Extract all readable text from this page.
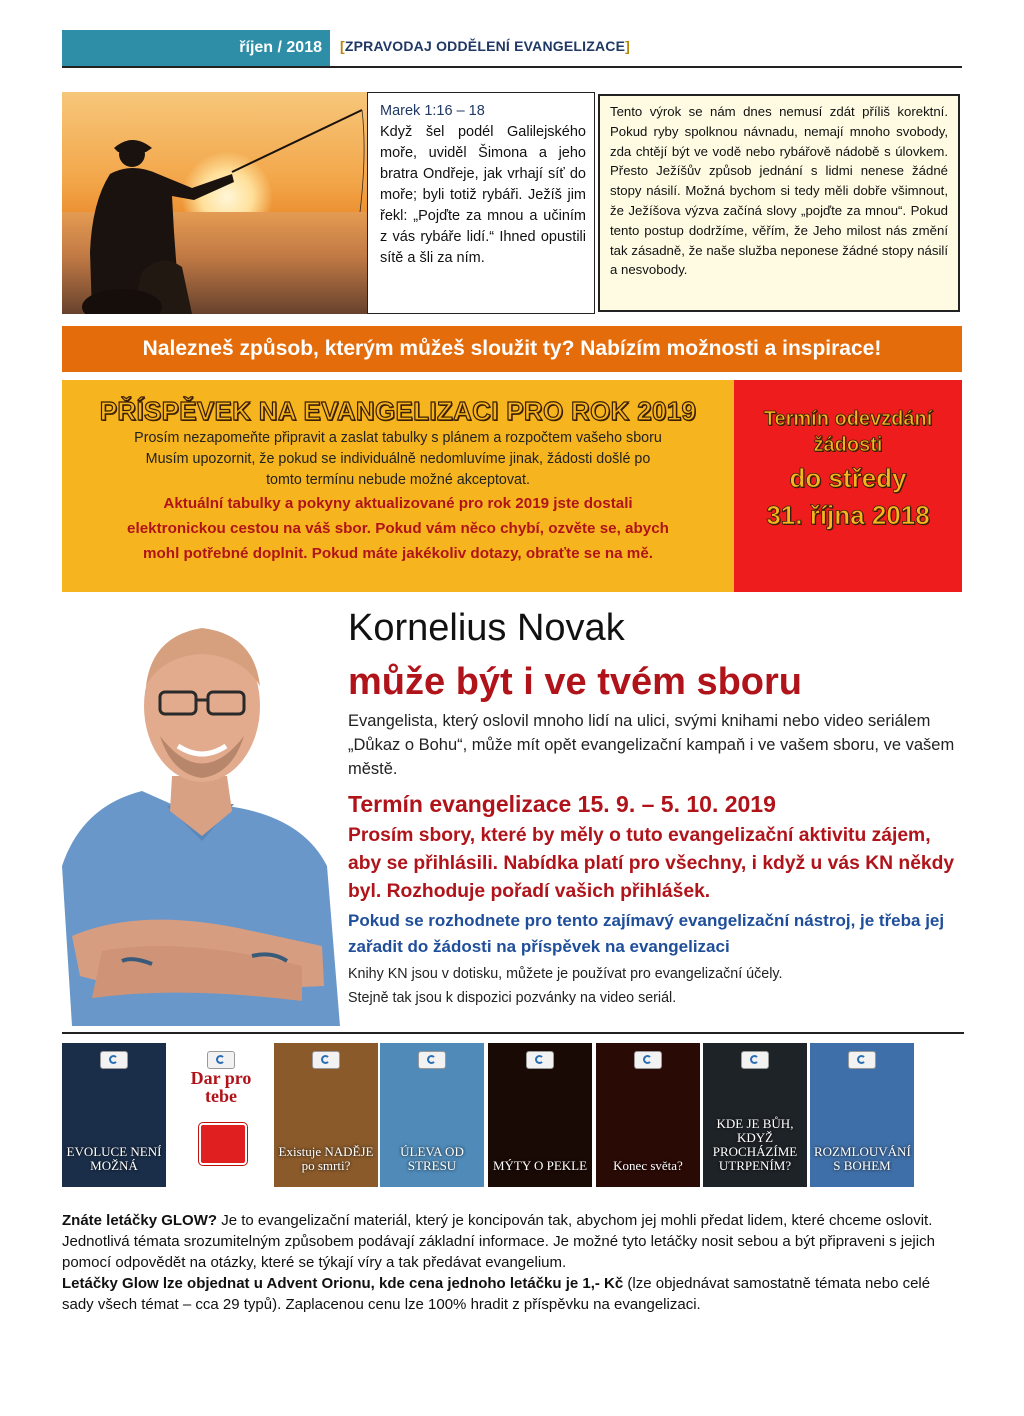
říjen / 2018	[ZPRAVODAJ ODDĚLENÍ EVANGELIZACE]
Marek 1:16 – 18
Když šel podél Galilejského moře, uviděl Šimona a jeho bratra Ondřeje, jak vrhají síť do moře; byli totiž rybáři. Ježíš jim řekl: „Pojďte za mnou a učiním z vás rybáře lidí.“ Ihned opustili sítě a šli za ním.
Tento výrok se nám dnes nemusí zdát příliš korektní. Pokud ryby spolknou návnadu, nemají mnoho svobody, zda chtějí být ve vodě nebo rybářově nádobě s úlovkem. Přesto Ježíšův způsob jednání s lidmi nenese žádné stopy násilí. Možná bychom si tedy měli dobře všimnout, že Ježíšova výzva začíná slovy „pojďte za mnou“. Pokud tento postup dodržíme, věřím, že Jeho milost nás změní tak zásadně, že naše služba neponese žádné stopy násilí a nesvobody.
Nalezneš způsob, kterým můžeš sloužit ty? Nabízím možnosti a inspirace!

PŘÍSPĚVEK NA EVANGELIZACI PRO ROK 2019

Prosím nezapomeňte připravit a zaslat tabulky s plánem a rozpočtem vašeho sboru

Musím upozornit, že pokud se individuálně nedomluvíme jinak, žádosti došlé po

tomto termínu nebude možné akceptovat.

Aktuální tabulky a pokyny aktualizované pro rok 2019 jste dostali

elektronickou cestou na váš sbor. Pokud vám něco chybí, ozvěte se, abych

mohl potřebné doplnit. Pokud máte jakékoliv dotazy, obraťte se na mě.

Termín odevzdání

žádosti

do středy

31. října 2018

Kornelius Novak
může být i ve tvém sboru
Evangelista, který oslovil mnoho lidí na ulici, svými knihami nebo video seriálem „Důkaz o Bohu“, může mít opět evangelizační kampaň i ve vašem sboru, ve vašem městě.
Termín evangelizace 15. 9. – 5. 10. 2019
Prosím sbory, které by měly o tuto evangelizační aktivitu zájem, aby se přihlásili. Nabídka platí pro všechny, i když u vás KN někdy byl. Rozhoduje pořadí vašich přihlášek.
Pokud se rozhodnete pro tento zajímavý evangelizační nástroj, je třeba jej zařadit do žádosti na příspěvek na evangelizaci
Knihy KN jsou v dotisku, můžete je používat pro evangelizační účely.
Stejně tak jsou k dispozici pozvánky na video seriál.
EVOLUCE NENÍ MOŽNÁ
Dar pro tebe
Existuje NADĚJE po smrti?
ÚLEVA OD STRESU	MÝTY O PEKLE	Konec světa?
KDE JE BŮH, KDYŽ PROCHÁZÍME UTRPENÍM?
ROZMLOUVÁNÍ S BOHEM

Znáte letáčky GLOW? Je to evangelizační materiál, který je koncipován tak, abychom jej mohli předat lidem, které chceme oslovit. Jednotlivá témata srozumitelným způsobem podávají základní informace. Je možné tyto letáčky nosit sebou a být připraveni s jejich pomocí odpovědět na otázky, které se týkají víry a tak předávat evangelium.

Letáčky Glow lze objednat u Advent Orionu, kde cena jednoho letáčku je 1,- Kč (lze objednávat samostatně témata nebo celé sady všech témat – cca 29 typů). Zaplacenou cenu lze 100% hradit z příspěvku na evangelizaci.
